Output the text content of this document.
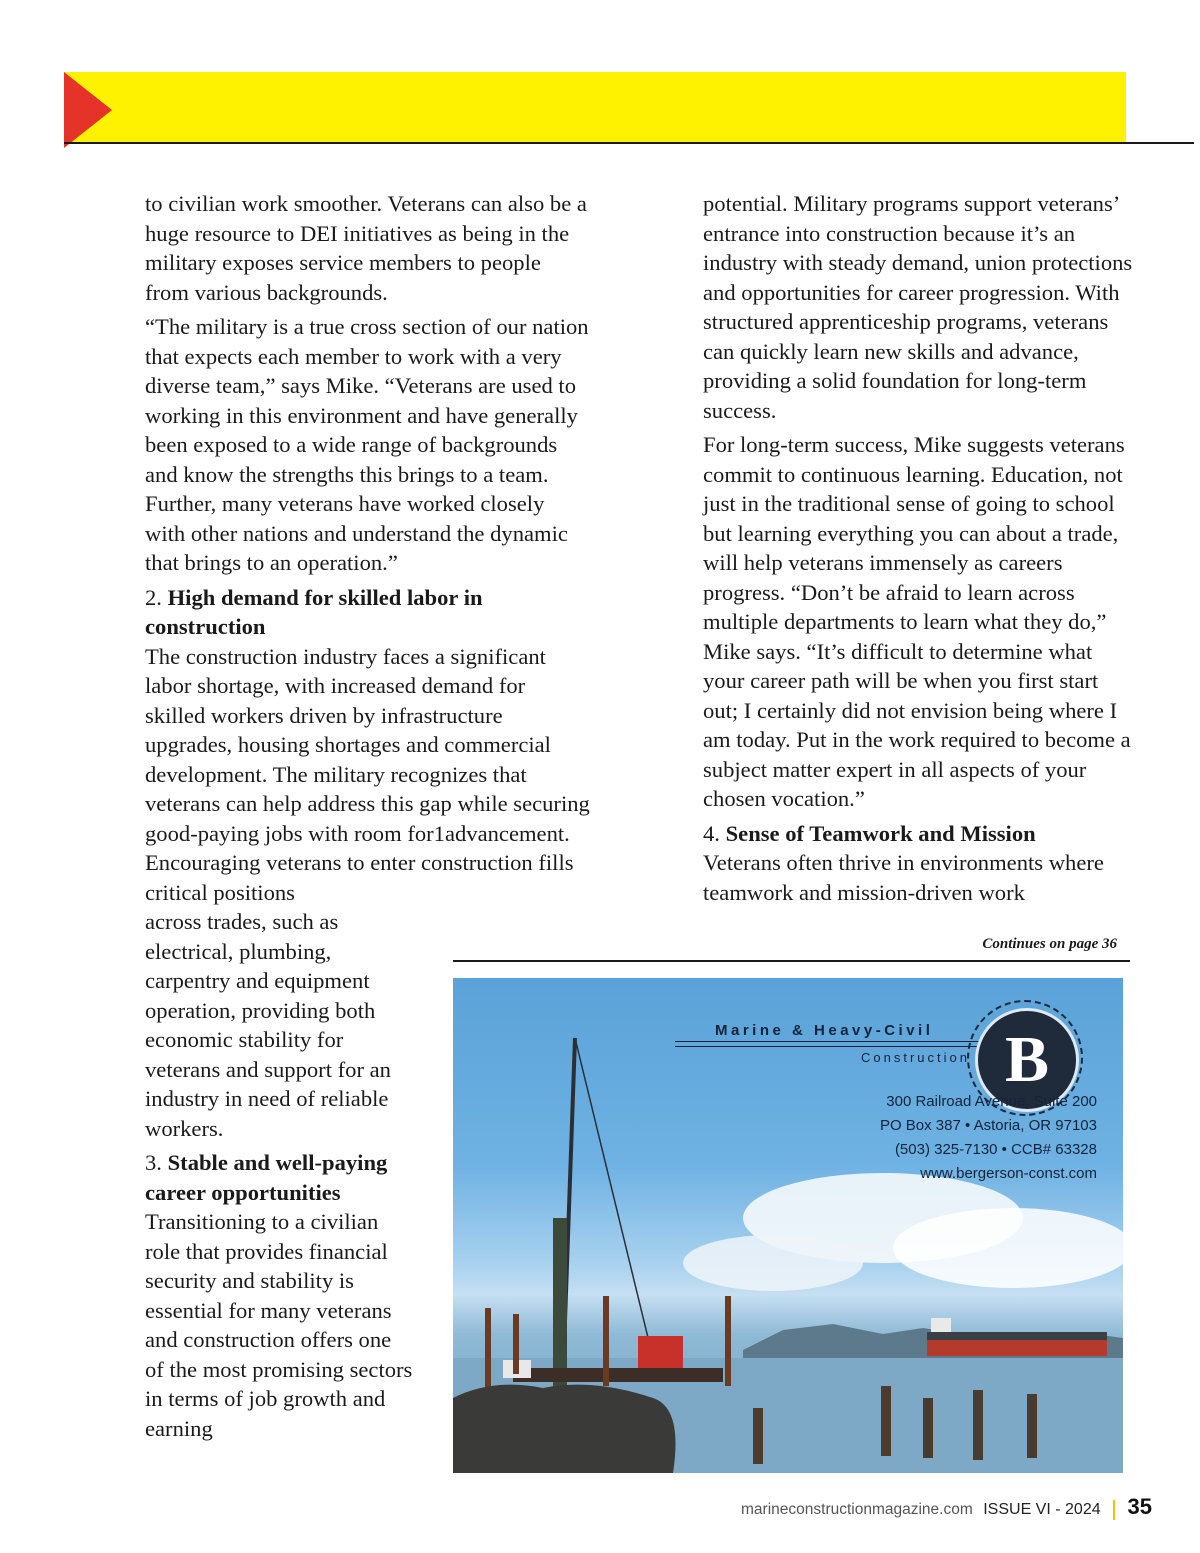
to civilian work smoother. Veterans can also be a huge resource to DEI initiatives as being in the military exposes service members to people from various backgrounds.

“The military is a true cross section of our nation that expects each member to work with a very diverse team,” says Mike. “Veterans are used to working in this environment and have generally been exposed to a wide range of backgrounds and know the strengths this brings to a team. Further, many veterans have worked closely with other nations and understand the dynamic that brings to an operation.”

2. High demand for skilled labor in construction
The construction industry faces a significant labor shortage, with increased demand for skilled workers driven by infrastructure upgrades, housing shortages and commercial development. The military recognizes that veterans can help address this gap while securing good-paying jobs with room for1advancement. Encouraging veterans to enter construction fills critical positions
across trades, such as electrical, plumbing, carpentry and equipment operation, providing both economic stability for veterans and support for an industry in need of reliable workers.

3. Stable and well-paying career opportunities
Transitioning to a civilian role that provides financial security and stability is essential for many veterans and construction offers one of the most promising sectors in terms of job growth and earning

potential. Military programs support veterans’ entrance into construction because it’s an industry with steady demand, union protections and opportunities for career progression. With structured apprenticeship programs, veterans can quickly learn new skills and advance, providing a solid foundation for long-term success.

For long-term success, Mike suggests veterans commit to continuous learning. Education, not just in the traditional sense of going to school but learning everything you can about a trade, will help veterans immensely as careers progress. “Don’t be afraid to learn across multiple departments to learn what they do,” Mike says. “It’s difficult to determine what your career path will be when you first start out; I certainly did not envision being where I am today. Put in the work required to become a subject matter expert in all aspects of your chosen vocation.”

4. Sense of Teamwork and Mission
Veterans often thrive in environments where teamwork and mission-driven work

Continues on page 36
Marine & Heavy-Civil
Construction B
300 Railroad Avenue, Suite 200
PO Box 387 • Astoria, OR 97103
(503) 325-7130 • CCB# 63328
www.bergerson-const.com
marineconstructionmagazine.com ISSUE VI - 2024 35
